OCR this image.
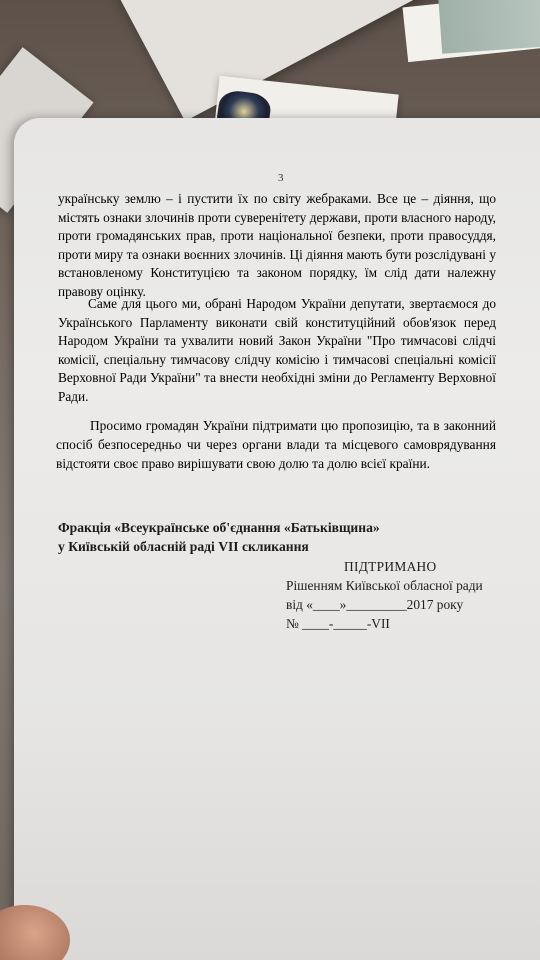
3

українську землю – і пустити їх по світу жебраками. Все це – діяння, що містять ознаки злочинів проти суверенітету держави, проти власного народу, проти громадянських прав, проти національної безпеки, проти правосуддя, проти миру та ознаки воєнних злочинів. Ці діяння мають бути розслідувані у встановленому Конституцією та законом порядку, їм слід дати належну правову оцінку.

Саме для цього ми, обрані Народом України депутати, звертаємося до Українського Парламенту виконати свій конституційний обов'язок перед Народом України та ухвалити новий Закон України "Про тимчасові слідчі комісії, спеціальну тимчасову слідчу комісію і тимчасові спеціальні комісії Верховної Ради України" та внести необхідні зміни до Регламенту Верховної Ради.

Просимо громадян України підтримати цю пропозицію, та в законний спосіб безпосередньо чи через органи влади та місцевого самоврядування відстояти своє право вирішувати свою долю та долю всієї країни.

Фракція «Всеукраїнське об'єднання «Батьківщина»
у Київській обласній раді VII скликання
ПІДТРИМАНО
Рішенням Київської обласної ради
від «____»_________2017 року
№ ____-_____-VII
